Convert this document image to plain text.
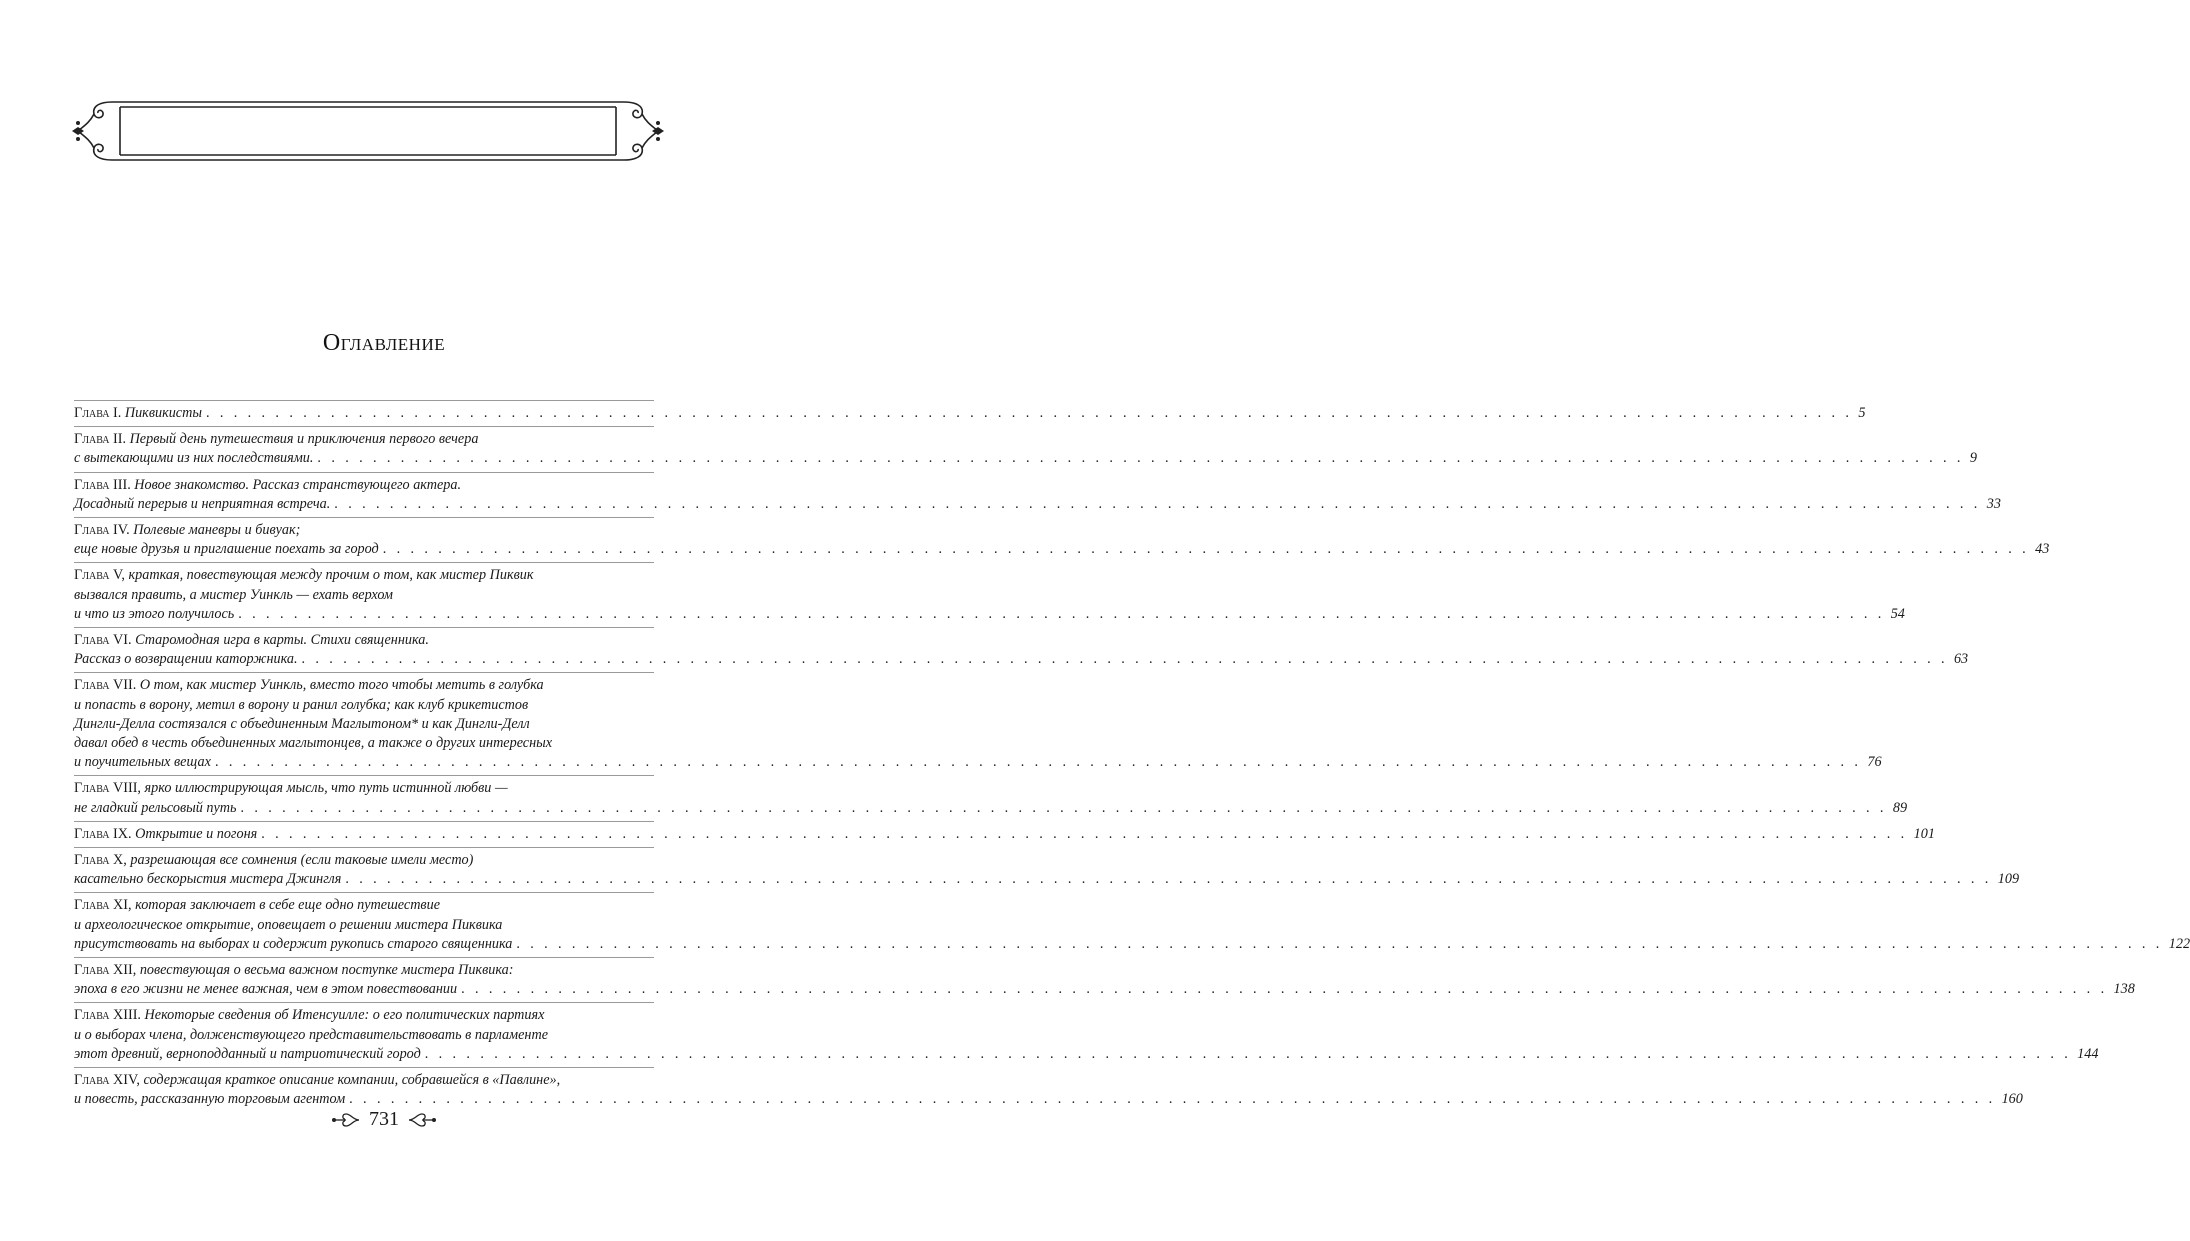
Оглавление
Глава I. Пиквикисты . . .	5
Глава II. Первый день путешествия и приключения первого вечера
с вытекающими из них последствиями. . . .	9
Глава III. Новое знакомство. Рассказ странствующего актера.
Досадный перерыв и неприятная встреча. . . .	33
Глава IV. Полевые маневры и бивуак;
еще новые друзья и приглашение поехать за город . . .	43
Глава V, краткая, повествующая между прочим о том, как мистер Пиквик
вызвался править, а мистер Уинкль — ехать верхом
и что из этого получилось . . .	54
Глава VI. Старомодная игра в карты. Стихи священника.
Рассказ о возвращении каторжника. . . .	63
Глава VII. О том, как мистер Уинкль, вместо того чтобы метить в голубка
и попасть в ворону, метил в ворону и ранил голубка; как клуб крикетистов
Дингли-Делла состязался с объединенным Маглытоном* и как Дингли-Делл
давал обед в честь объединенных маглытонцев, а также о других интересных
и поучительных вещах . . .	76
Глава VIII, ярко иллюстрирующая мысль, что путь истинной любви —
не гладкий рельсовый путь . . .	89
Глава IX. Открытие и погоня . . .	101
Глава X, разрешающая все сомнения (если таковые имели место)
касательно бескорыстия мистера Джингля . . .	109
Глава XI, которая заключает в себе еще одно путешествие
и археологическое открытие, оповещает о решении мистера Пиквика
присутствовать на выборах и содержит рукопись старого священника . . .	122
Глава XII, повествующая о весьма важном поступке мистера Пиквика:
эпоха в его жизни не менее важная, чем в этом повествовании . . .	138
Глава XIII. Некоторые сведения об Итенсуилле: о его политических партиях
и о выборах члена, долженствующего представительствовать в парламенте
этот древний, верноподданный и патриотический город . . .	144
Глава XIV, содержащая краткое описание компании, собравшейся в «Павлине»,
и повесть, рассказанную торговым агентом . . .	160
731
